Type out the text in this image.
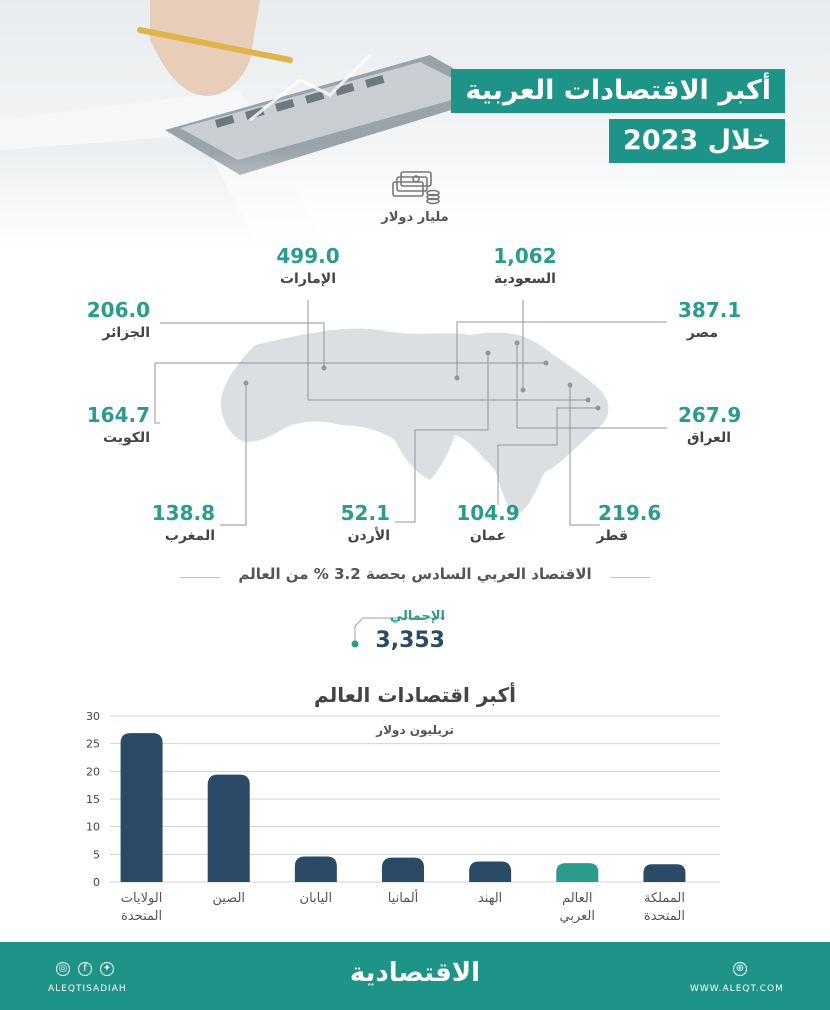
أكبر الاقتصادات العربية
خلال 2023
مليار دولار
1,062
السعودية
499.0
الإمارات
206.0
الجزائر
387.1
مصر
164.7
الكويت
267.9
العراق
138.8
المغرب
52.1
الأردن
104.9
عمان
219.6
قطر
الاقتصاد العربي السادس بحصة 3.2 % من العالم
الإجمالي
3,353
أكبر اقتصادات العالم
0
5
10
15
20
25
30
تريليون دولار
الولايات
المتحدة
الصين	اليابان	ألمانيا	الهند	العالم
العربي
المملكة
المتحدة
الاقتصادية
◎	f	✦
ALEQTISADIAH
⊕
WWW.ALEQT.COM
